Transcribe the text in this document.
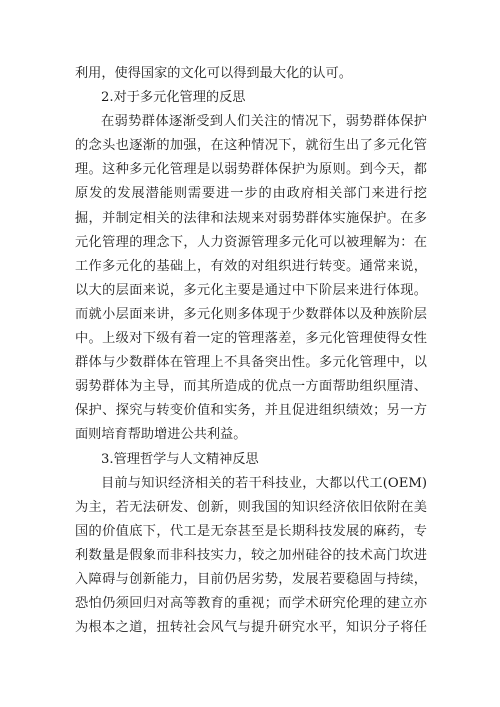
利用，使得国家的文化可以得到最大化的认可。
2.对于多元化管理的反思
在弱势群体逐渐受到人们关注的情况下，弱势群体保护
的念头也逐渐的加强，在这种情况下，就衍生出了多元化管
理。这种多元化管理是以弱势群体保护为原则。到今天，都
原发的发展潜能则需要进一步的由政府相关部门来进行挖
掘，并制定相关的法律和法规来对弱势群体实施保护。在多
元化管理的理念下，人力资源管理多元化可以被理解为：在
工作多元化的基础上，有效的对组织进行转变。通常来说，
以大的层面来说，多元化主要是通过中下阶层来进行体现。
而就小层面来讲，多元化则多体现于少数群体以及种族阶层
中。上级对下级有着一定的管理落差，多元化管理使得女性
群体与少数群体在管理上不具备突出性。多元化管理中，以
弱势群体为主导，而其所造成的优点一方面帮助组织厘清、
保护、探究与转变价值和实务，并且促进组织绩效；另一方
面则培育帮助增进公共利益。
3.管理哲学与人文精神反思
目前与知识经济相关的若干科技业，大都以代工(OEM)
为主，若无法研发、创新，则我国的知识经济依旧依附在美
国的价值底下，代工是无奈甚至是长期科技发展的麻药，专
利数量是假象而非科技实力，较之加州硅谷的技术高门坎进
入障碍与创新能力，目前仍居劣势，发展若要稳固与持续，
恐怕仍须回归对高等教育的重视；而学术研究伦理的建立亦
为根本之道，扭转社会风气与提升研究水平，知识分子将任
